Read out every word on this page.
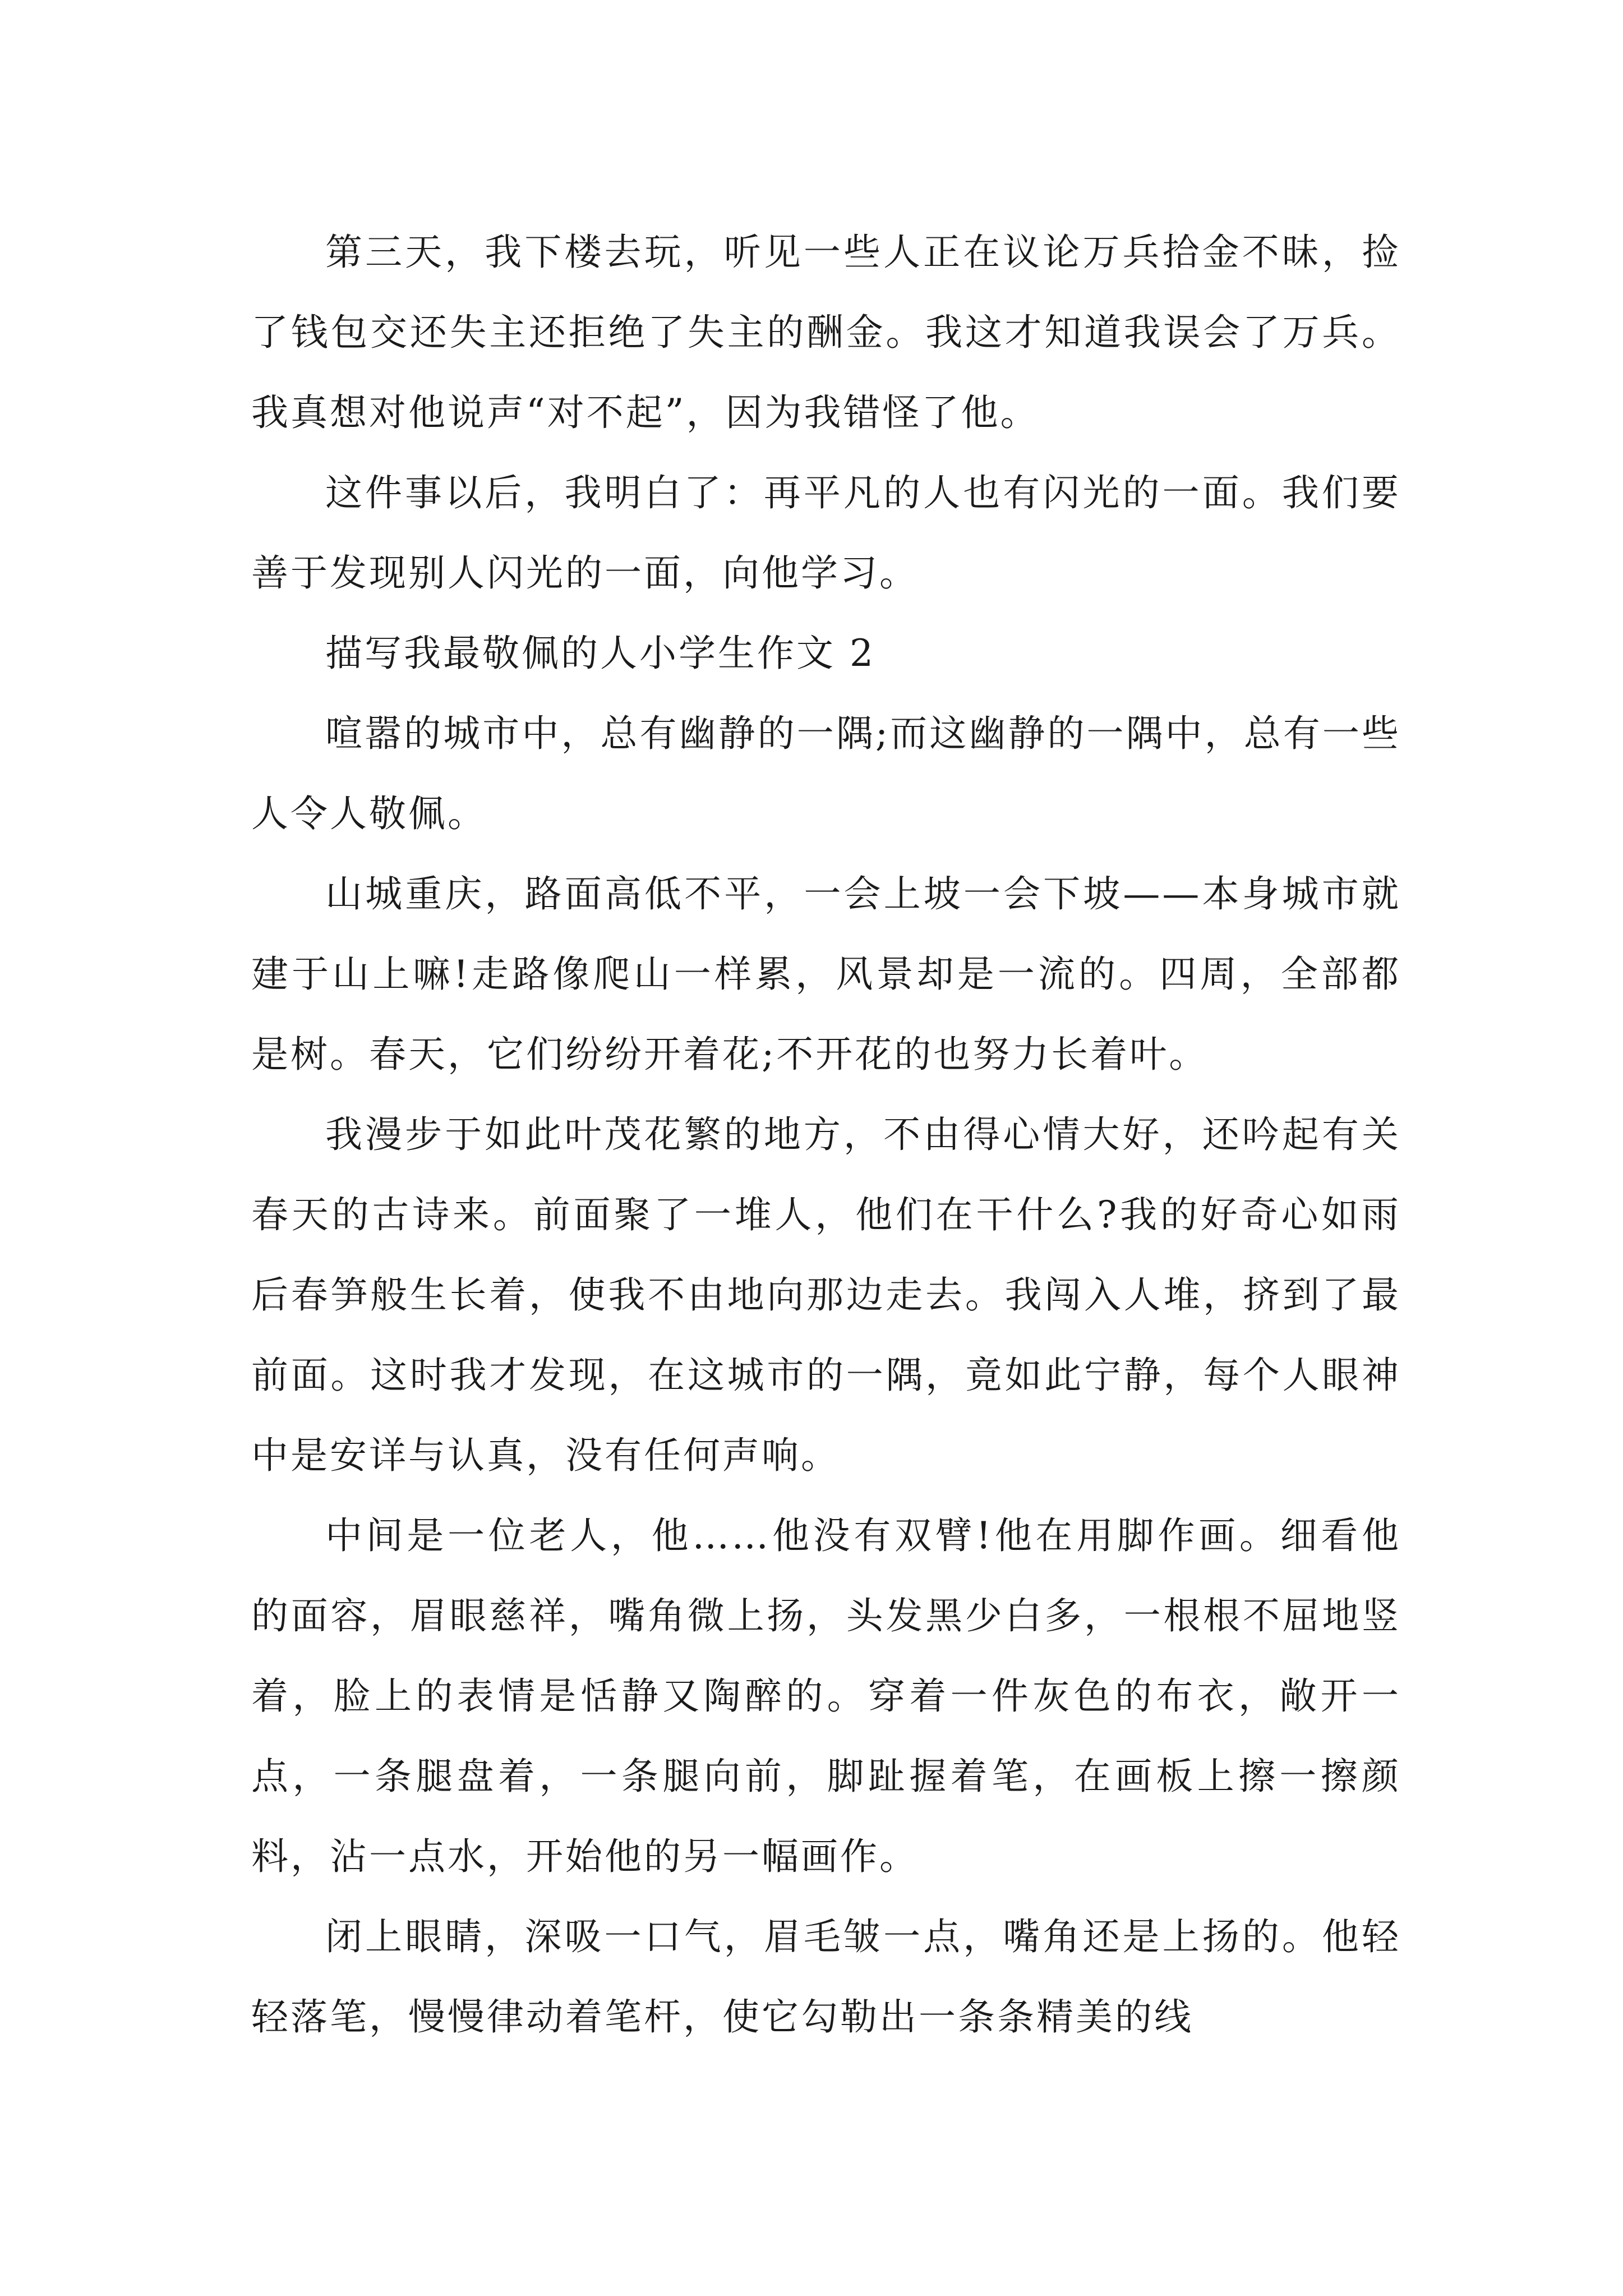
第三天，我下楼去玩，听见一些人正在议论万兵拾金不昧，捡了钱包交还失主还拒绝了失主的酬金。我这才知道我误会了万兵。我真想对他说声“对不起”，因为我错怪了他。

这件事以后，我明白了：再平凡的人也有闪光的一面。我们要善于发现别人闪光的一面，向他学习。

描写我最敬佩的人小学生作文 2

喧嚣的城市中，总有幽静的一隅;而这幽静的一隅中，总有一些人令人敬佩。

山城重庆，路面高低不平，一会上坡一会下坡——本身城市就建于山上嘛!走路像爬山一样累，风景却是一流的。四周，全部都是树。春天，它们纷纷开着花;不开花的也努力长着叶。

我漫步于如此叶茂花繁的地方，不由得心情大好，还吟起有关春天的古诗来。前面聚了一堆人，他们在干什么?我的好奇心如雨后春笋般生长着，使我不由地向那边走去。我闯入人堆，挤到了最前面。这时我才发现，在这城市的一隅，竟如此宁静，每个人眼神中是安详与认真，没有任何声响。

中间是一位老人，他……他没有双臂!他在用脚作画。细看他的面容，眉眼慈祥，嘴角微上扬，头发黑少白多，一根根不屈地竖着，脸上的表情是恬静又陶醉的。穿着一件灰色的布衣，敞开一点，一条腿盘着，一条腿向前，脚趾握着笔，在画板上擦一擦颜料，沾一点水，开始他的另一幅画作。

闭上眼睛，深吸一口气，眉毛皱一点，嘴角还是上扬的。他轻轻落笔，慢慢律动着笔杆，使它勾勒出一条条精美的线
